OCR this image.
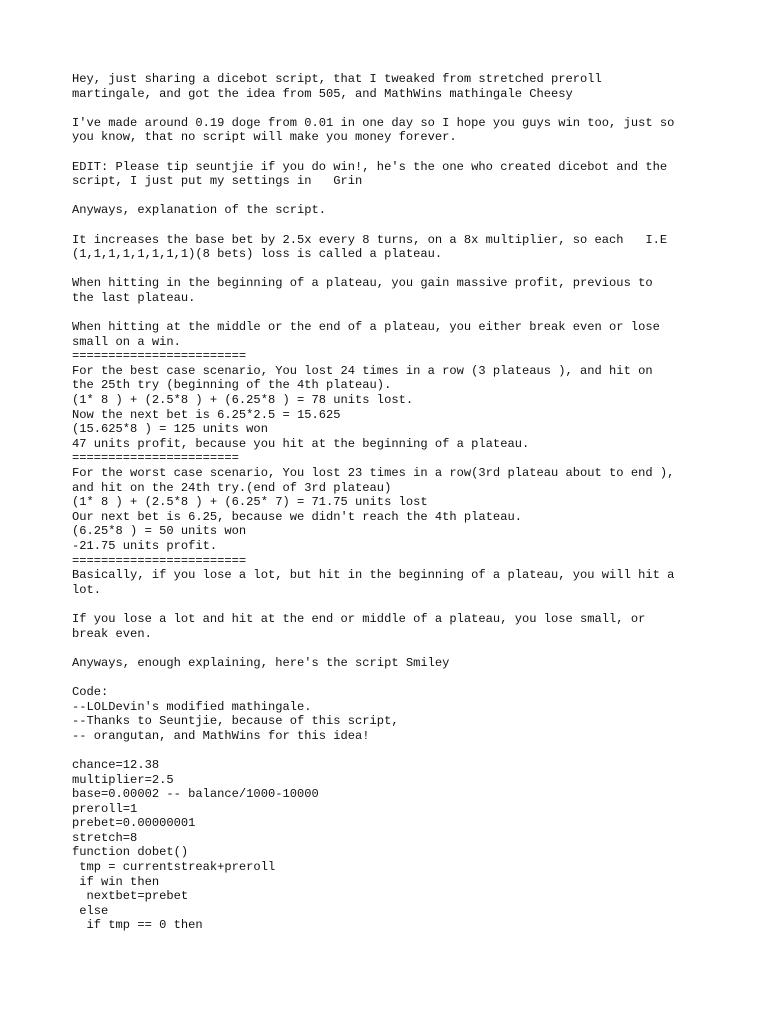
Hey, just sharing a dicebot script, that I tweaked from stretched preroll
martingale, and got the idea from 505, and MathWins mathingale Cheesy
I've made around 0.19 doge from 0.01 in one day so I hope you guys win too, just so
you know, that no script will make you money forever.
EDIT: Please tip seuntjie if you do win!, he's the one who created dicebot and the
script, I just put my settings in   Grin
Anyways, explanation of the script.
It increases the base bet by 2.5x every 8 turns, on a 8x multiplier, so each   I.E
(1,1,1,1,1,1,1,1)(8 bets) loss is called a plateau.
When hitting in the beginning of a plateau, you gain massive profit, previous to
the last plateau.
When hitting at the middle or the end of a plateau, you either break even or lose
small on a win.
========================
For the best case scenario, You lost 24 times in a row (3 plateaus ), and hit on
the 25th try (beginning of the 4th plateau).
(1* 8 ) + (2.5*8 ) + (6.25*8 ) = 78 units lost.
Now the next bet is 6.25*2.5 = 15.625
(15.625*8 ) = 125 units won
47 units profit, because you hit at the beginning of a plateau.
=======================
For the worst case scenario, You lost 23 times in a row(3rd plateau about to end ),
and hit on the 24th try.(end of 3rd plateau)
(1* 8 ) + (2.5*8 ) + (6.25* 7) = 71.75 units lost
Our next bet is 6.25, because we didn't reach the 4th plateau.
(6.25*8 ) = 50 units won
-21.75 units profit.
========================
Basically, if you lose a lot, but hit in the beginning of a plateau, you will hit a
lot.
If you lose a lot and hit at the end or middle of a plateau, you lose small, or
break even.
Anyways, enough explaining, here's the script Smiley
Code:
--LOLDevin's modified mathingale.
--Thanks to Seuntjie, because of this script,
-- orangutan, and MathWins for this idea!
chance=12.38
multiplier=2.5
base=0.00002 -- balance/1000-10000
preroll=1
prebet=0.00000001
stretch=8
function dobet()
tmp = currentstreak+preroll
if win then
nextbet=prebet
else
if tmp == 0 then
